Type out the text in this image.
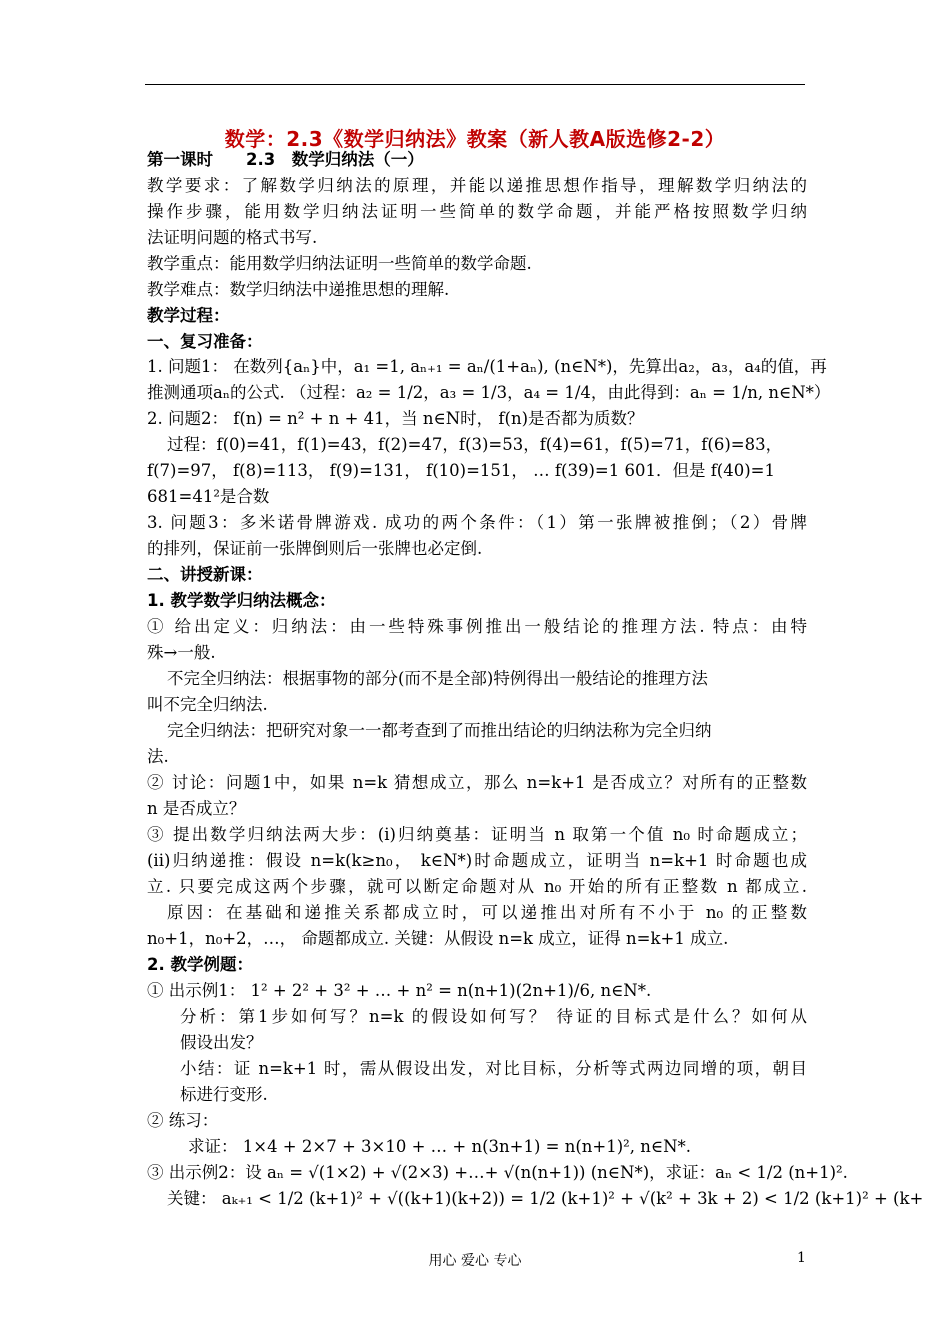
数学：2.3《数学归纳法》教案（新人教A版选修2-2）
第一课时　　2.3　数学归纳法（一）
教学要求：了解数学归纳法的原理，并能以递推思想作指导，理解数学归纳法的
操作步骤，能用数学归纳法证明一些简单的数学命题，并能严格按照数学归纳
法证明问题的格式书写.
教学重点：能用数学归纳法证明一些简单的数学命题.
教学难点：数学归纳法中递推思想的理解.
教学过程：
一、复习准备：
1. 问题1： 在数列{aₙ}中，a₁ =1, aₙ₊₁ = aₙ/(1+aₙ), (n∈N*)，先算出a₂，a₃，a₄的值，再
推测通项aₙ的公式. （过程：a₂ = 1/2，a₃ = 1/3，a₄ = 1/4，由此得到：aₙ = 1/n, n∈N*）
2. 问题2： f(n) = n² + n + 41，当 n∈N时， f(n)是否都为质数？
过程：f(0)=41，f(1)=43，f(2)=47，f(3)=53，f(4)=61，f(5)=71，f(6)=83，
f(7)=97， f(8)=113， f(9)=131， f(10)=151， … f(39)=1 601．但是 f(40)=1
681=41²是合数
3. 问题3：多米诺骨牌游戏. 成功的两个条件：（1）第一张牌被推倒；（2）骨牌
的排列，保证前一张牌倒则后一张牌也必定倒.
二、讲授新课：
1. 教学数学归纳法概念：
① 给出定义：归纳法：由一些特殊事例推出一般结论的推理方法. 特点：由特
殊→一般.
不完全归纳法：根据事物的部分(而不是全部)特例得出一般结论的推理方法
叫不完全归纳法.
完全归纳法：把研究对象一一都考查到了而推出结论的归纳法称为完全归纳
法.
② 讨论：问题1中，如果 n=k 猜想成立，那么 n=k+1 是否成立？对所有的正整数
n 是否成立？
③ 提出数学归纳法两大步：(i)归纳奠基：证明当 n 取第一个值 n₀ 时命题成立；
(ii)归纳递推：假设 n=k(k≥n₀， k∈N*)时命题成立，证明当 n=k+1 时命题也成
立. 只要完成这两个步骤，就可以断定命题对从 n₀ 开始的所有正整数 n 都成立.
原因：在基础和递推关系都成立时，可以递推出对所有不小于 n₀ 的正整数
n₀+1，n₀+2，…， 命题都成立. 关键：从假设 n=k 成立，证得 n=k+1 成立.
2. 教学例题：
① 出示例1： 1² + 2² + 3² + … + n² = n(n+1)(2n+1)/6, n∈N*.
分析：第1步如何写？n=k 的假设如何写？ 待证的目标式是什么？如何从
假设出发？
小结：证 n=k+1 时，需从假设出发，对比目标，分析等式两边同增的项，朝目
标进行变形.
② 练习：
求证： 1×4 + 2×7 + 3×10 + … + n(3n+1) = n(n+1)², n∈N*.
③ 出示例2：设 aₙ = √(1×2) + √(2×3) +…+ √(n(n+1)) (n∈N*)，求证：aₙ < 1/2 (n+1)².
关键： aₖ₊₁ < 1/2 (k+1)² + √((k+1)(k+2)) = 1/2 (k+1)² + √(k² + 3k + 2) < 1/2 (k+1)² + (k+
用心 爱心 专心	1
